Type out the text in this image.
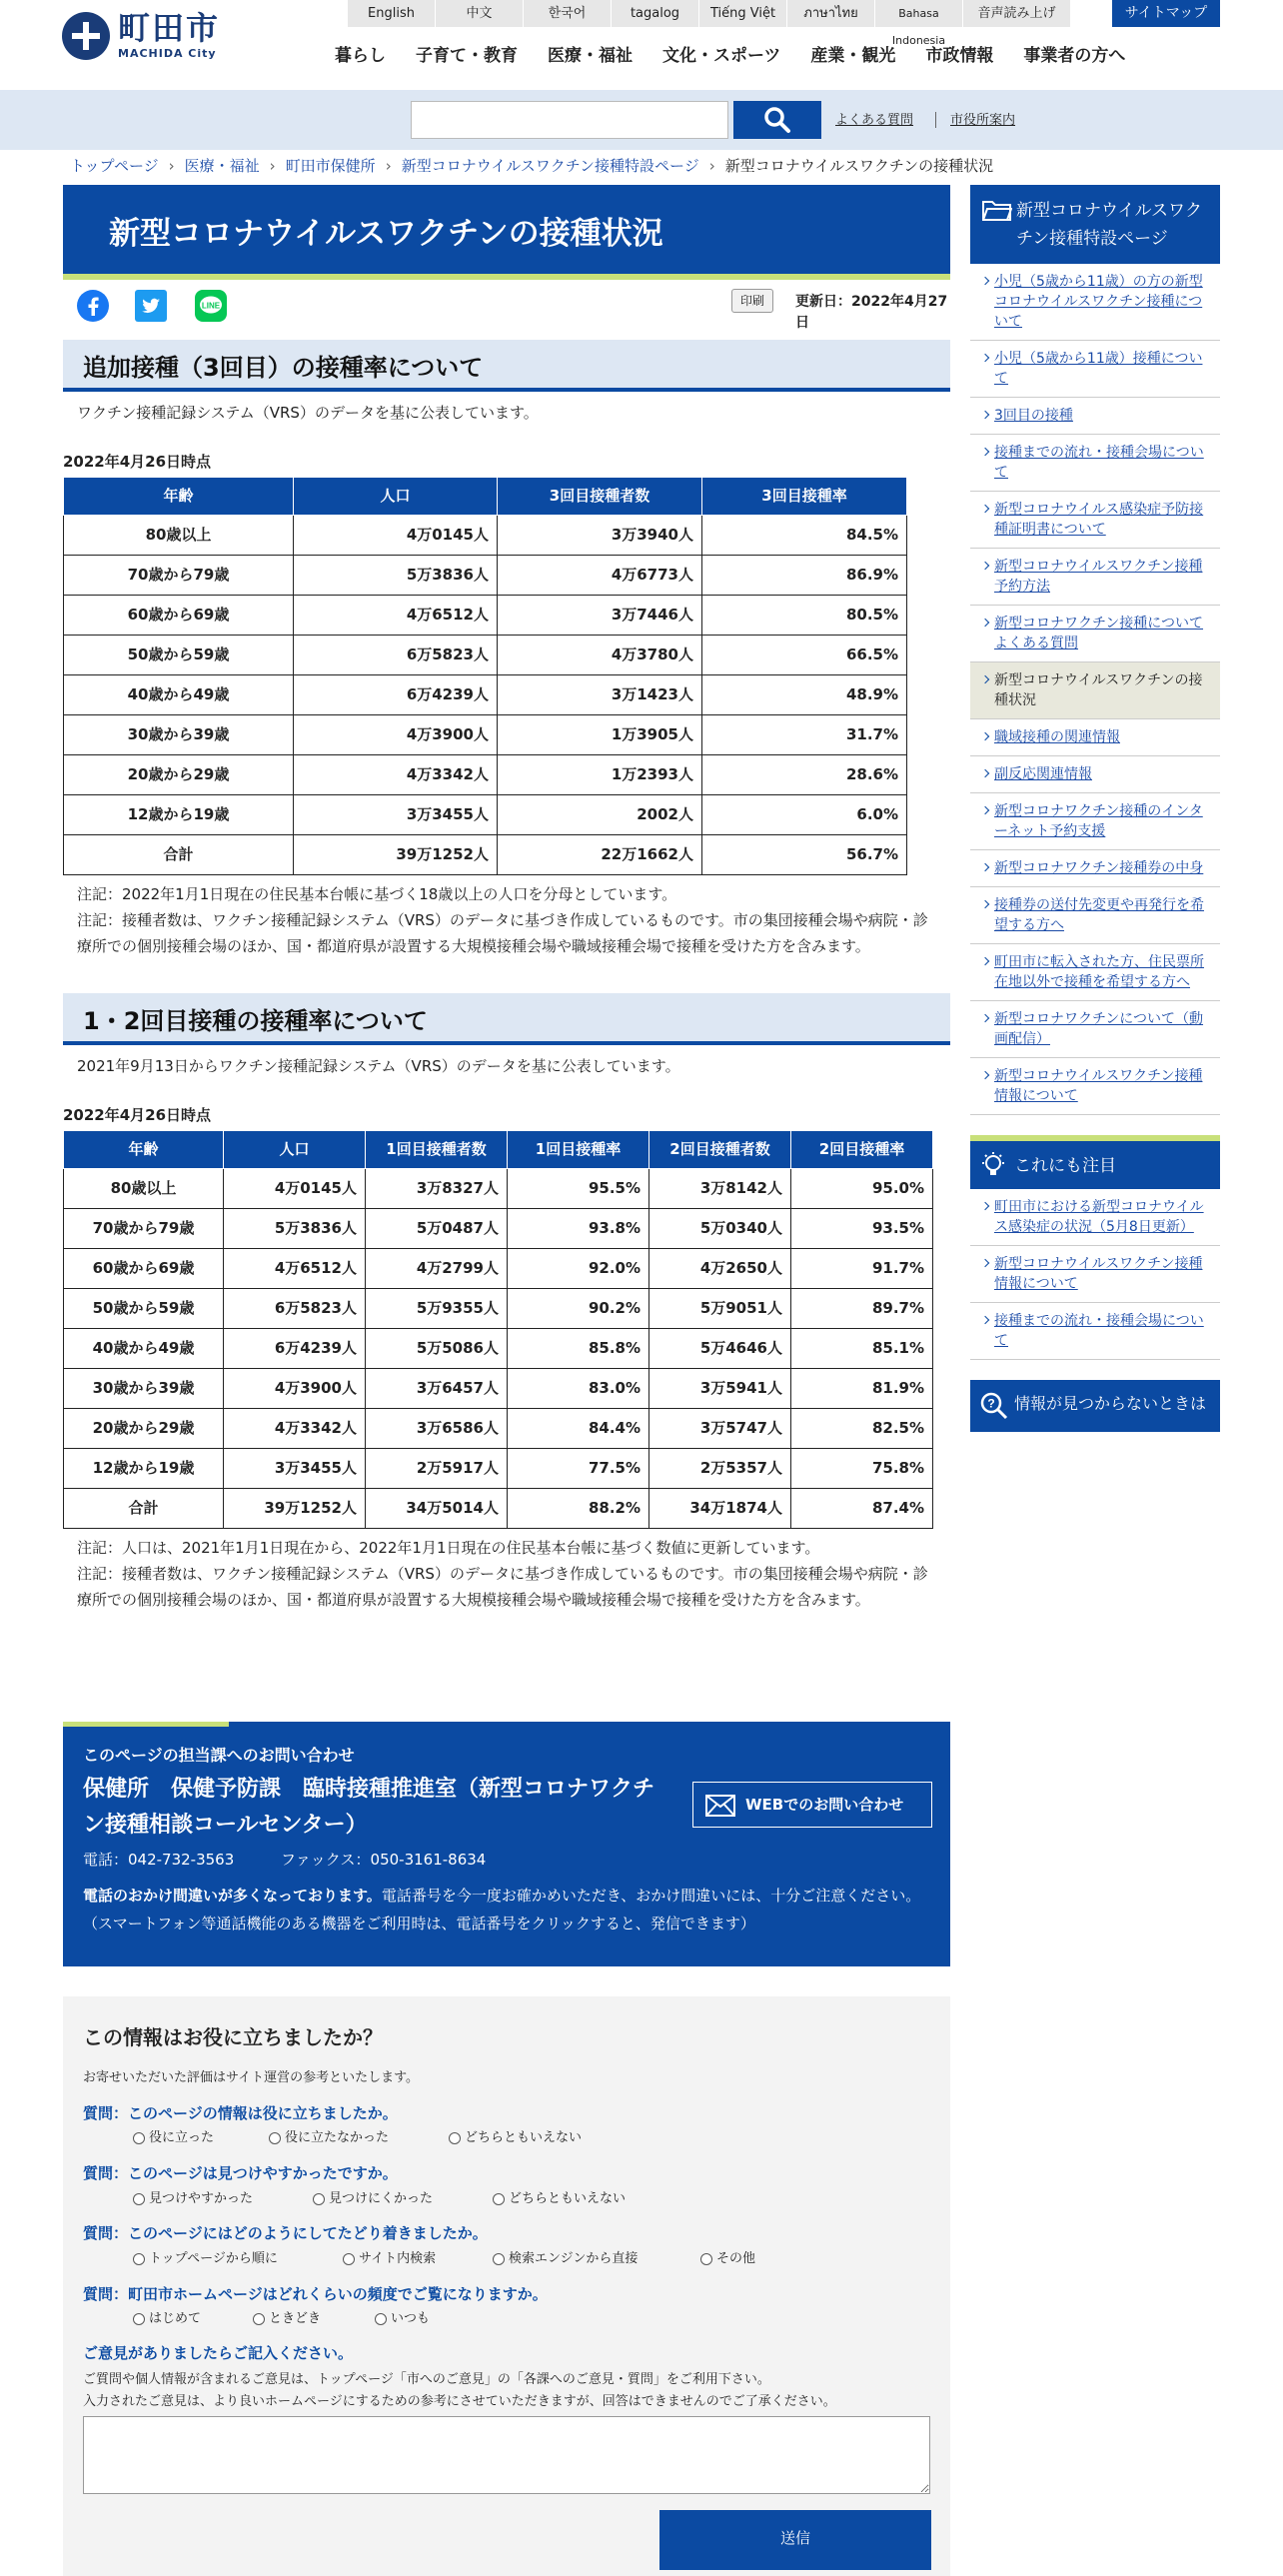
町田市
MACHIDA City
English	中文	한국어	tagalog	Tiếng Việt	ภาษาไทย	Bahasa Indonesia
音声読み上げ	サイトマップ
暮らし	子育て・教育	医療・福祉	文化・スポーツ	産業・観光	市政情報	事業者の方へ
よくある質問	市役所案内
トップページ › 医療・福祉 › 町田市保健所 › 新型コロナウイルスワクチン接種特設ページ › 新型コロナウイルスワクチンの接種状況
新型コロナウイルスワクチンの接種状況
LINE	印刷	更新日：2022年4月27日
追加接種（3回目）の接種率について

ワクチン接種記録システム（VRS）のデータを基に公表しています。

2022年4月26日時点

年齢	人口	3回目接種者数	3回目接種率
80歳以上	4万0145人	3万3940人	84.5%
70歳から79歳	5万3836人	4万6773人	86.9%
60歳から69歳	4万6512人	3万7446人	80.5%
50歳から59歳	6万5823人	4万3780人	66.5%
40歳から49歳	6万4239人	3万1423人	48.9%
30歳から39歳	4万3900人	1万3905人	31.7%
20歳から29歳	4万3342人	1万2393人	28.6%
12歳から19歳	3万3455人	2002人	6.0%
合計	39万1252人	22万1662人	56.7%

注記：2022年1月1日現在の住民基本台帳に基づく18歳以上の人口を分母としています。

注記：接種者数は、ワクチン接種記録システム（VRS）のデータに基づき作成しているものです。市の集団接種会場や病院・診療所での個別接種会場のほか、国・都道府県が設置する大規模接種会場や職域接種会場で接種を受けた方を含みます。

1・2回目接種の接種率について

2021年9月13日からワクチン接種記録システム（VRS）のデータを基に公表しています。

2022年4月26日時点

年齢	人口	1回目接種者数	1回目接種率	2回目接種者数	2回目接種率
80歳以上	4万0145人	3万8327人	95.5%	3万8142人	95.0%
70歳から79歳	5万3836人	5万0487人	93.8%	5万0340人	93.5%
60歳から69歳	4万6512人	4万2799人	92.0%	4万2650人	91.7%
50歳から59歳	6万5823人	5万9355人	90.2%	5万9051人	89.7%
40歳から49歳	6万4239人	5万5086人	85.8%	5万4646人	85.1%
30歳から39歳	4万3900人	3万6457人	83.0%	3万5941人	81.9%
20歳から29歳	4万3342人	3万6586人	84.4%	3万5747人	82.5%
12歳から19歳	3万3455人	2万5917人	77.5%	2万5357人	75.8%
合計	39万1252人	34万5014人	88.2%	34万1874人	87.4%

注記：人口は、2021年1月1日現在から、2022年1月1日現在の住民基本台帳に基づく数値に更新しています。

注記：接種者数は、ワクチン接種記録システム（VRS）のデータに基づき作成しているものです。市の集団接種会場や病院・診療所での個別接種会場のほか、国・都道府県が設置する大規模接種会場や職域接種会場で接種を受けた方を含みます。

このページの担当課へのお問い合わせ
保健所　保健予防課　臨時接種推進室（新型コロナワクチン接種相談コールセンター）
電話：042-732-3563	ファックス：050-3161-8634
電話のおかけ間違いが多くなっております。電話番号を今一度お確かめいただき、おかけ間違いには、十分ご注意ください。（スマートフォン等通話機能のある機器をご利用時は、電話番号をクリックすると、発信できます）
WEBでのお問い合わせ
この情報はお役に立ちましたか？
お寄せいただいた評価はサイト運営の参考といたします。
質問：このページの情報は役に立ちましたか。
役に立った	役に立たなかった	どちらともいえない
質問：このページは見つけやすかったですか。
見つけやすかった	見つけにくかった	どちらともいえない
質問：このページにはどのようにしてたどり着きましたか。
トップページから順に	サイト内検索	検索エンジンから直接	その他
質問：町田市ホームページはどれくらいの頻度でご覧になりますか。
はじめて	ときどき	いつも
ご意見がありましたらご記入ください。
ご質問や個人情報が含まれるご意見は、トップページ「市へのご意見」の「各課へのご意見・質問」をご利用下さい。
入力されたご意見は、より良いホームページにするための参考にさせていただきますが、回答はできませんのでご了承ください。
送信
新型コロナウイルスワクチン接種特設ページ
小児（5歳から11歳）の方の新型コロナウイルスワクチン接種について
小児（5歳から11歳）接種について
3回目の接種
接種までの流れ・接種会場について
新型コロナウイルス感染症予防接種証明書について
新型コロナウイルスワクチン接種予約方法
新型コロナワクチン接種についてよくある質問
新型コロナウイルスワクチンの接種状況
職域接種の関連情報
副反応関連情報
新型コロナワクチン接種のインターネット予約支援
新型コロナワクチン接種券の中身
接種券の送付先変更や再発行を希望する方へ
町田市に転入された方、住民票所在地以外で接種を希望する方へ
新型コロナワクチンについて（動画配信）
新型コロナウイルスワクチン接種情報について
これにも注目
町田市における新型コロナウイルス感染症の状況（5月8日更新）
新型コロナウイルスワクチン接種情報について
接種までの流れ・接種会場について
? 情報が見つからないときは
